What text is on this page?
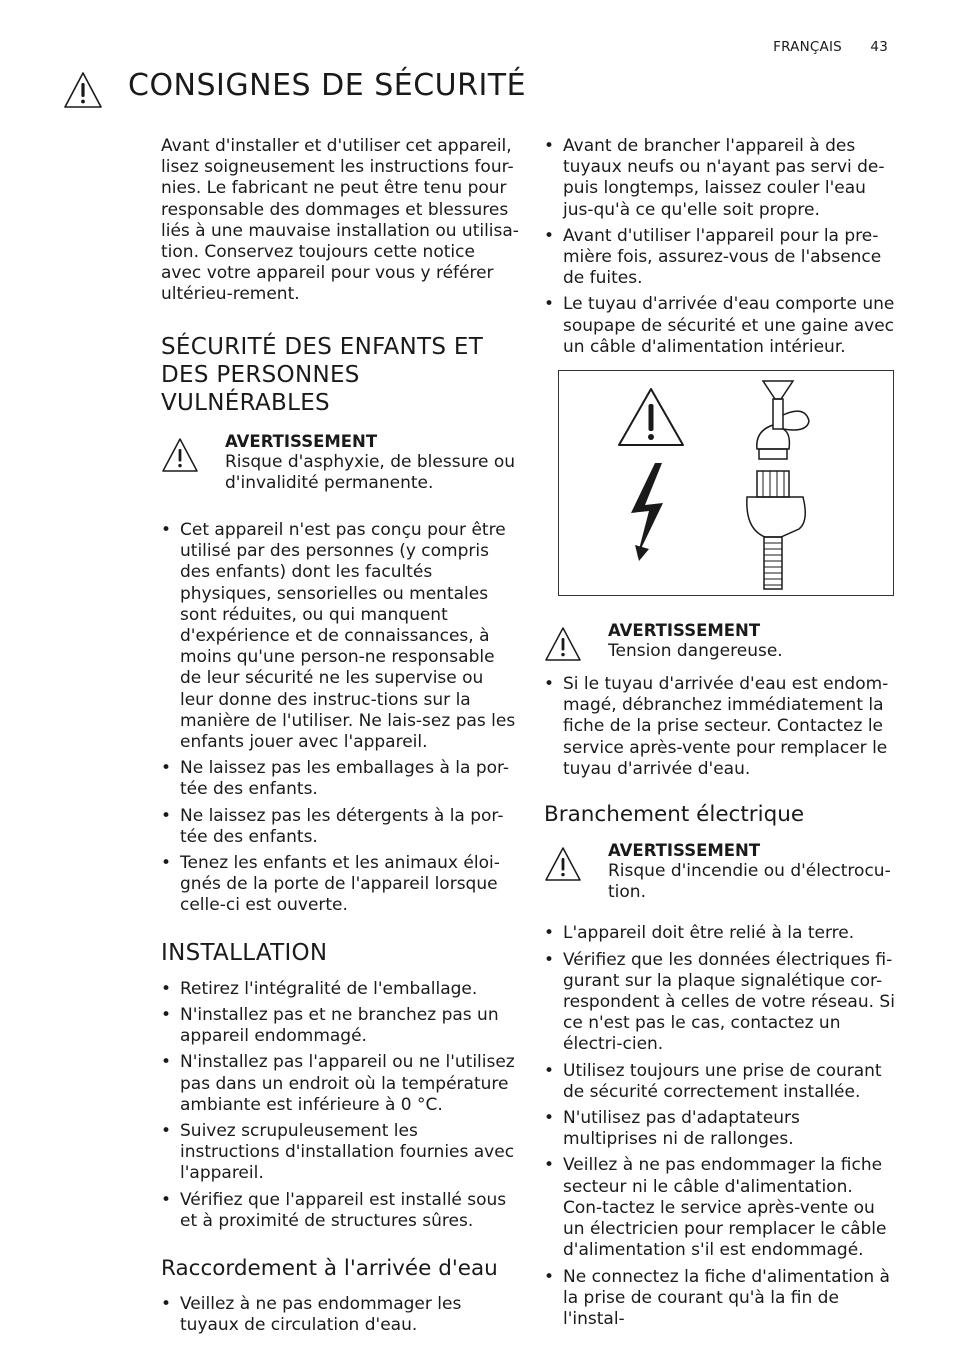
FRANÇAIS 43
CONSIGNES DE SÉCURITÉ

Avant d'installer et d'utiliser cet appareil, lisez soigneusement les instructions four-nies. Le fabricant ne peut être tenu pour responsable des dommages et blessures liés à une mauvaise installation ou utilisa-tion. Conservez toujours cette notice avec votre appareil pour vous y référer ultérieu-rement.

SÉCURITÉ DES ENFANTS ET DES PERSONNES VULNÉRABLES
AVERTISSEMENT

Risque d'asphyxie, de blessure ou d'invalidité permanente.

• Cet appareil n'est pas conçu pour être utilisé par des personnes (y compris des enfants) dont les facultés physiques, sensorielles ou mentales sont réduites, ou qui manquent d'expérience et de connaissances, à moins qu'une person-ne responsable de leur sécurité ne les supervise ou leur donne des instruc-tions sur la manière de l'utiliser. Ne lais-sez pas les enfants jouer avec l'appareil.
• Ne laissez pas les emballages à la por-tée des enfants.
• Ne laissez pas les détergents à la por-tée des enfants.
• Tenez les enfants et les animaux éloi-gnés de la porte de l'appareil lorsque celle-ci est ouverte.
INSTALLATION
• Retirez l'intégralité de l'emballage.
• N'installez pas et ne branchez pas un appareil endommagé.
• N'installez pas l'appareil ou ne l'utilisez pas dans un endroit où la température ambiante est inférieure à 0 °C.
• Suivez scrupuleusement les instructions d'installation fournies avec l'appareil.
• Vérifiez que l'appareil est installé sous et à proximité de structures sûres.
Raccordement à l'arrivée d'eau
• Veillez à ne pas endommager les tuyaux de circulation d'eau.
• Avant de brancher l'appareil à des tuyaux neufs ou n'ayant pas servi de-puis longtemps, laissez couler l'eau jus-qu'à ce qu'elle soit propre.
• Avant d'utiliser l'appareil pour la pre-mière fois, assurez-vous de l'absence de fuites.
• Le tuyau d'arrivée d'eau comporte une soupape de sécurité et une gaine avec un câble d'alimentation intérieur.
AVERTISSEMENT

Tension dangereuse.

• Si le tuyau d'arrivée d'eau est endom-magé, débranchez immédiatement la fiche de la prise secteur. Contactez le service après-vente pour remplacer le tuyau d'arrivée d'eau.
Branchement électrique
AVERTISSEMENT

Risque d'incendie ou d'électrocu-tion.

• L'appareil doit être relié à la terre.
• Vérifiez que les données électriques fi-gurant sur la plaque signalétique cor-respondent à celles de votre réseau. Si ce n'est pas le cas, contactez un électri-cien.
• Utilisez toujours une prise de courant de sécurité correctement installée.
• N'utilisez pas d'adaptateurs multiprises ni de rallonges.
• Veillez à ne pas endommager la fiche secteur ni le câble d'alimentation. Con-tactez le service après-vente ou un électricien pour remplacer le câble d'alimentation s'il est endommagé.
• Ne connectez la fiche d'alimentation à la prise de courant qu'à la fin de l'instal-
